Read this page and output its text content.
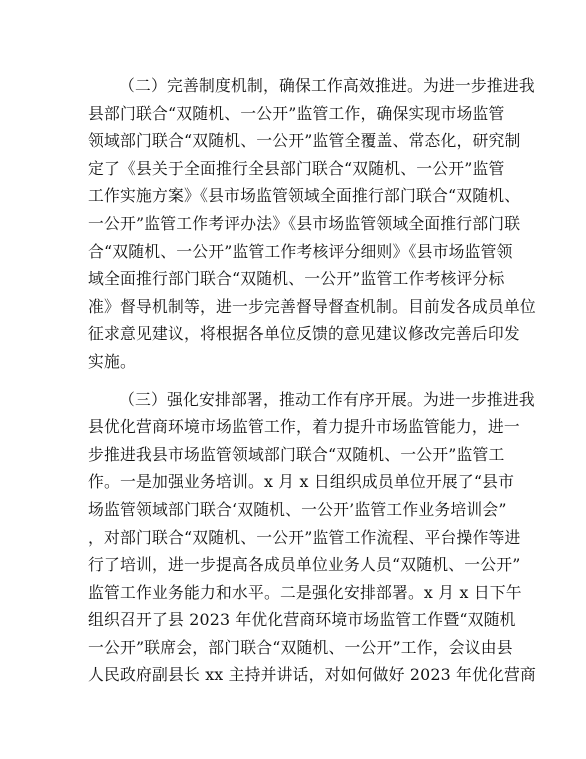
（二）完善制度机制，确保工作高效推进。为进一步推进我
县部门联合“双随机、一公开”监管工作，确保实现市场监管
领域部门联合“双随机、一公开”监管全覆盖、常态化，研究制
定了《县关于全面推行全县部门联合“双随机、一公开”监管
工作实施方案》《县市场监管领域全面推行部门联合“双随机、
一公开”监管工作考评办法》《县市场监管领域全面推行部门联
合“双随机、一公开”监管工作考核评分细则》《县市场监管领
域全面推行部门联合“双随机、一公开”监管工作考核评分标
准》督导机制等，进一步完善督导督查机制。目前发各成员单位
征求意见建议，将根据各单位反馈的意见建议修改完善后印发
实施。
（三）强化安排部署，推动工作有序开展。为进一步推进我
县优化营商环境市场监管工作，着力提升市场监管能力，进一
步推进我县市场监管领域部门联合“双随机、一公开”监管工
作。一是加强业务培训。x 月 x 日组织成员单位开展了“县市
场监管领域部门联合‘双随机、一公开’监管工作业务培训会”
，对部门联合“双随机、一公开”监管工作流程、平台操作等进
行了培训，进一步提高各成员单位业务人员“双随机、一公开”
监管工作业务能力和水平。二是强化安排部署。x 月 x 日下午
组织召开了县 2023 年优化营商环境市场监管工作暨“双随机
一公开”联席会，部门联合“双随机、一公开”工作，会议由县
人民政府副县长 xx 主持并讲话，对如何做好 2023 年优化营商
